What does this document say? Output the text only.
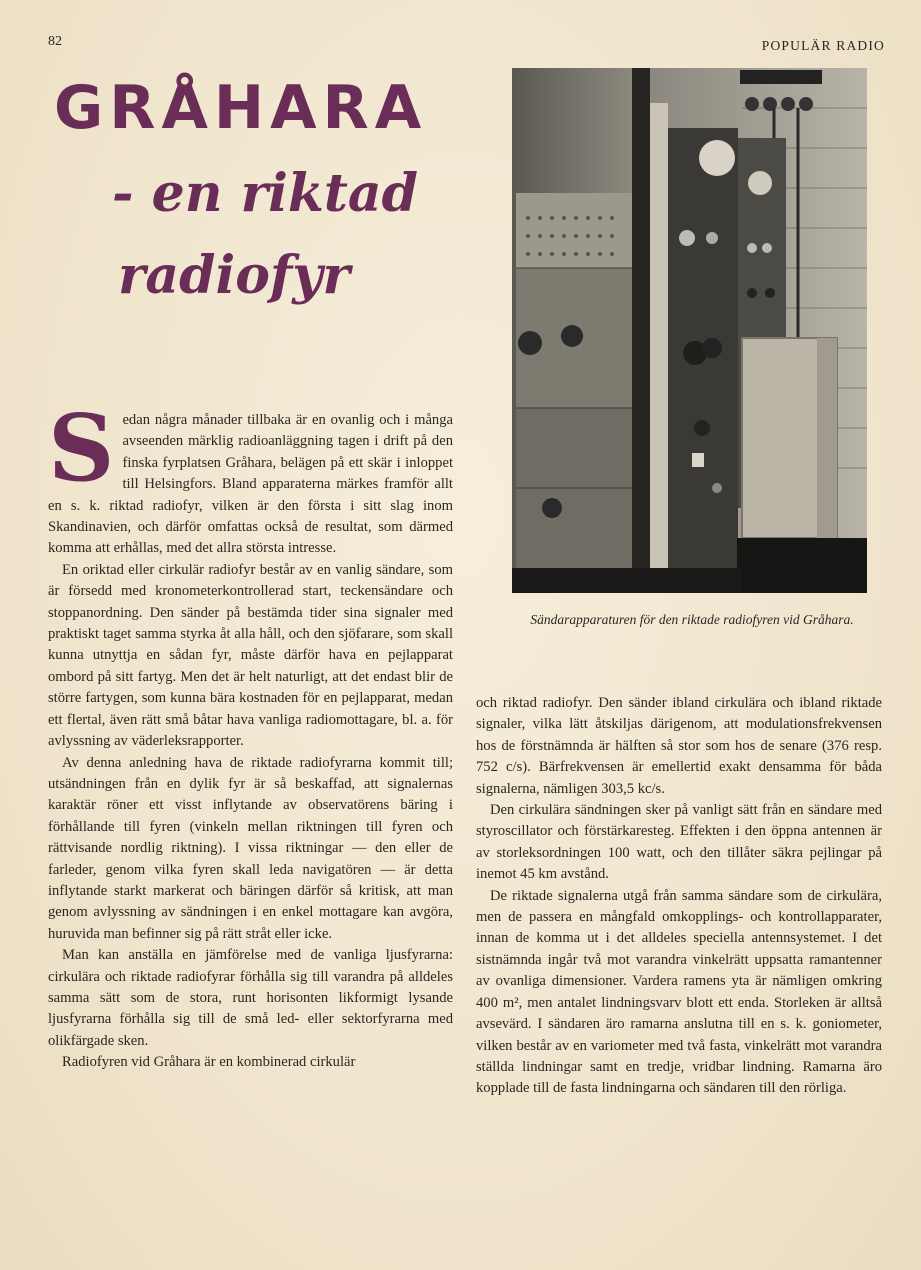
82	POPULÄR RADIO
GRÅHARA
- en riktad
radiofyr
Sändarapparaturen för den riktade radiofyren vid Gråhara.

Sedan några månader tillbaka är en ovanlig och i många avseenden märklig radioanläggning tagen i drift på den finska fyrplatsen Gråhara, belägen på ett skär i inloppet till Helsingfors. Bland apparaterna märkes framför allt en s. k. riktad radiofyr, vilken är den första i sitt slag inom Skandinavien, och därför omfattas också de resultat, som därmed komma att erhållas, med det allra största intresse.

En oriktad eller cirkulär radiofyr består av en vanlig sändare, som är försedd med kronometerkontrollerad start, teckensändare och stoppanordning. Den sänder på bestämda tider sina signaler med praktiskt taget samma styrka åt alla håll, och den sjöfarare, som skall kunna utnyttja en sådan fyr, måste därför hava en pejlapparat ombord på sitt fartyg. Men det är helt naturligt, att det endast blir de större fartygen, som kunna bära kostnaden för en pejlapparat, medan ett flertal, även rätt små båtar hava vanliga radiomottagare, bl. a. för avlyssning av väderleksrapporter.

Av denna anledning hava de riktade radiofyrarna kommit till; utsändningen från en dylik fyr är så beskaffad, att signalernas karaktär röner ett visst inflytande av observatörens bäring i förhållande till fyren (vinkeln mellan riktningen till fyren och rättvisande nordlig riktning). I vissa riktningar — den eller de farleder, genom vilka fyren skall leda navigatören — är detta inflytande starkt markerat och bäringen därför så kritisk, att man genom avlyssning av sändningen i en enkel mottagare kan avgöra, huruvida man befinner sig på rätt stråt eller icke.

Man kan anställa en jämförelse med de vanliga ljusfyrarna: cirkulära och riktade radiofyrar förhålla sig till varandra på alldeles samma sätt som de stora, runt horisonten likformigt lysande ljusfyrarna förhålla sig till de små led- eller sektorfyrarna med olikfärgade sken.

Radiofyren vid Gråhara är en kombinerad cirkulär

och riktad radiofyr. Den sänder ibland cirkulära och ibland riktade signaler, vilka lätt åtskiljas därigenom, att modulationsfrekvensen hos de förstnämnda är hälften så stor som hos de senare (376 resp. 752 c/s). Bärfrekvensen är emellertid exakt densamma för båda signalerna, nämligen 303,5 kc/s.

Den cirkulära sändningen sker på vanligt sätt från en sändare med styroscillator och förstärkaresteg. Effekten i den öppna antennen är av storleksordningen 100 watt, och den tillåter säkra pejlingar på inemot 45 km avstånd.

De riktade signalerna utgå från samma sändare som de cirkulära, men de passera en mångfald omkopplings- och kontrollapparater, innan de komma ut i det alldeles speciella antennsystemet. I det sistnämnda ingår två mot varandra vinkelrätt uppsatta ramantenner av ovanliga dimensioner. Vardera ramens yta är nämligen omkring 400 m², men antalet lindningsvarv blott ett enda. Storleken är alltså avsevärd. I sändaren äro ramarna anslutna till en s. k. goniometer, vilken består av en variometer med två fasta, vinkelrätt mot varandra ställda lindningar samt en tredje, vridbar lindning. Ramarna äro kopplade till de fasta lindningarna och sändaren till den rörliga.
